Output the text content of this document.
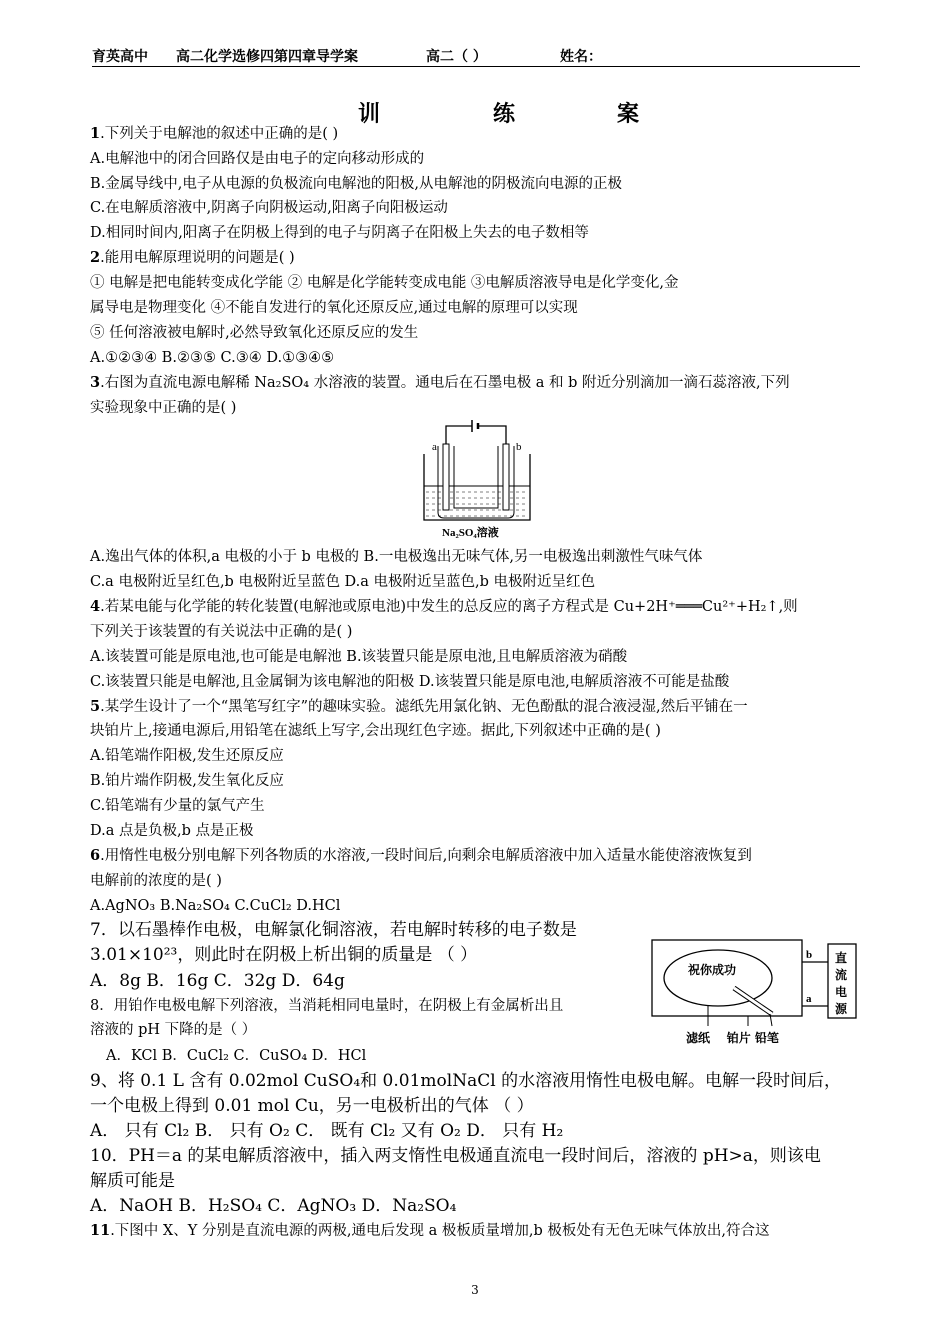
育英高中 高二化学选修四第四章导学案	高二（ ）	姓名：
训	练	案
1.下列关于电解池的叙述中正确的是( )
A.电解池中的闭合回路仅是由电子的定向移动形成的
B.金属导线中,电子从电源的负极流向电解池的阳极,从电解池的阴极流向电源的正极
C.在电解质溶液中,阴离子向阴极运动,阳离子向阳极运动
D.相同时间内,阳离子在阴极上得到的电子与阴离子在阳极上失去的电子数相等
2.能用电解原理说明的问题是( )
① 电解是把电能转变成化学能 ② 电解是化学能转变成电能 ③电解质溶液导电是化学变化,金
属导电是物理变化 ④不能自发进行的氧化还原反应,通过电解的原理可以实现
⑤ 任何溶液被电解时,必然导致氧化还原反应的发生
A.①②③④ B.②③⑤ C.③④ D.①③④⑤
3.右图为直流电源电解稀 Na₂SO₄ 水溶液的装置。通电后在石墨电极 a 和 b 附近分别滴加一滴石蕊溶液,下列
实验现象中正确的是( )
a	b
Na₂SO₄溶液
A.逸出气体的体积,a 电极的小于 b 电极的 B.一电极逸出无味气体,另一电极逸出刺激性气味气体
C.a 电极附近呈红色,b 电极附近呈蓝色 D.a 电极附近呈蓝色,b 电极附近呈红色
4.若某电能与化学能的转化装置(电解池或原电池)中发生的总反应的离子方程式是 Cu+2H⁺═══Cu²⁺+H₂↑,则
下列关于该装置的有关说法中正确的是( )
A.该装置可能是原电池,也可能是电解池 B.该装置只能是原电池,且电解质溶液为硝酸
C.该装置只能是电解池,且金属铜为该电解池的阳极 D.该装置只能是原电池,电解质溶液不可能是盐酸
5.某学生设计了一个“黑笔写红字”的趣味实验。滤纸先用氯化钠、无色酚酞的混合液浸湿,然后平铺在一
块铂片上,接通电源后,用铅笔在滤纸上写字,会出现红色字迹。据此,下列叙述中正确的是( )
A.铅笔端作阳极,发生还原反应
B.铂片端作阴极,发生氧化反应
C.铅笔端有少量的氯气产生
D.a 点是负极,b 点是正极
6.用惰性电极分别电解下列各物质的水溶液,一段时间后,向剩余电解质溶液中加入适量水能使溶液恢复到
电解前的浓度的是( )
A.AgNO₃ B.Na₂SO₄ C.CuCl₂ D.HCl
7．以石墨棒作电极，电解氯化铜溶液，若电解时转移的电子数是
3.01×10²³，则此时在阴极上析出铜的质量是 （ ）
A．8g B．16g C．32g D．64g
祝你成功
b
a
直
流
电
源
滤纸    铂片 铅笔
8．用铂作电极电解下列溶液，当消耗相同电量时，在阴极上有金属析出且
溶液的 pH 下降的是（ ）
A．KCl B．CuCl₂ C．CuSO₄ D．HCl
9、将 0.1 L 含有 0.02mol CuSO₄和 0.01molNaCl 的水溶液用惰性电极电解。电解一段时间后，
一个电极上得到 0.01 mol Cu，另一电极析出的气体 （ ）
A． 只有 Cl₂ B． 只有 O₂ C． 既有 Cl₂ 又有 O₂ D． 只有 H₂
10．PH＝a 的某电解质溶液中，插入两支惰性电极通直流电一段时间后，溶液的 pH>a，则该电
解质可能是
A．NaOH B．H₂SO₄ C．AgNO₃ D．Na₂SO₄
11.下图中 X、Y 分别是直流电源的两极,通电后发现 a 极板质量增加,b 极板处有无色无味气体放出,符合这
3
